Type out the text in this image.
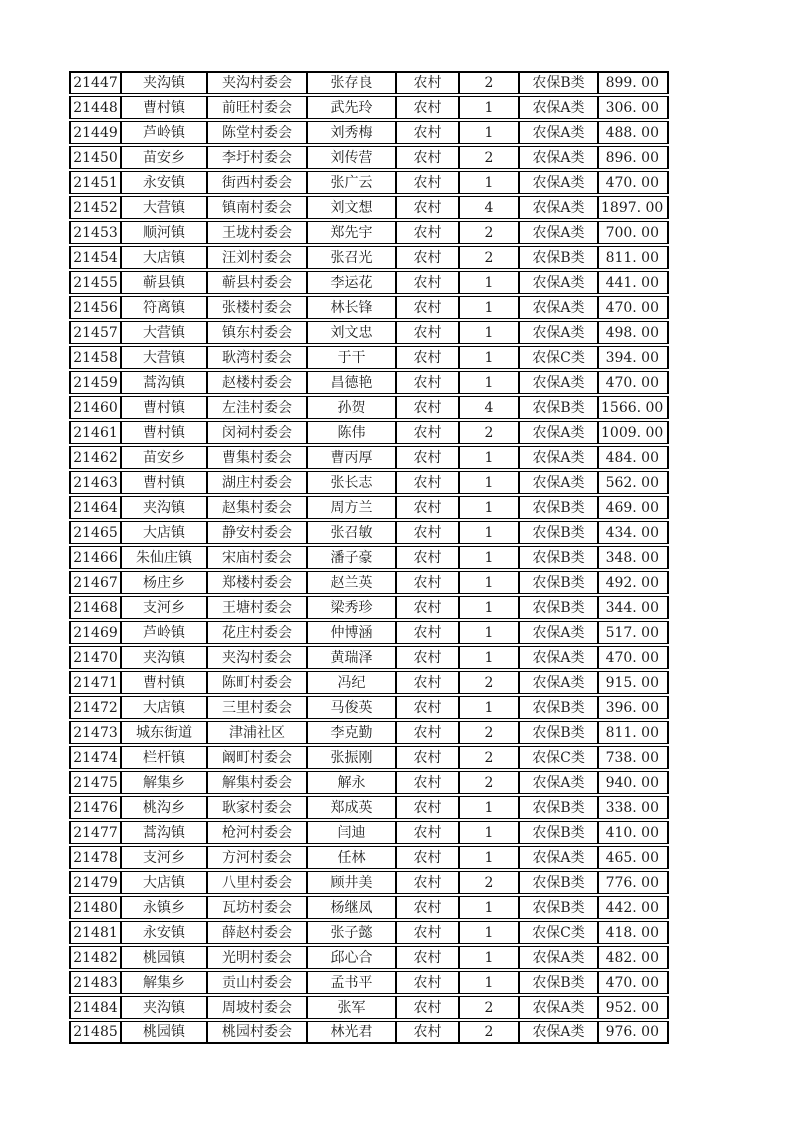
21447	夹沟镇	夹沟村委会	张存良	农村	2	农保B类	899. 00
21448	曹村镇	前旺村委会	武先玲	农村	1	农保A类	306. 00
21449	芦岭镇	陈堂村委会	刘秀梅	农村	1	农保A类	488. 00
21450	苗安乡	李圩村委会	刘传营	农村	2	农保A类	896. 00
21451	永安镇	街西村委会	张广云	农村	1	农保A类	470. 00
21452	大营镇	镇南村委会	刘文想	农村	4	农保A类	1897. 00
21453	顺河镇	王垅村委会	郑先宇	农村	2	农保A类	700. 00
21454	大店镇	汪刘村委会	张召光	农村	2	农保B类	811. 00
21455	蕲县镇	蕲县村委会	李运花	农村	1	农保A类	441. 00
21456	符离镇	张楼村委会	林长锋	农村	1	农保A类	470. 00
21457	大营镇	镇东村委会	刘文忠	农村	1	农保A类	498. 00
21458	大营镇	耿湾村委会	于干	农村	1	农保C类	394. 00
21459	蒿沟镇	赵楼村委会	昌德艳	农村	1	农保A类	470. 00
21460	曹村镇	左洼村委会	孙贺	农村	4	农保B类	1566. 00
21461	曹村镇	闵祠村委会	陈伟	农村	2	农保A类	1009. 00
21462	苗安乡	曹集村委会	曹丙厚	农村	1	农保A类	484. 00
21463	曹村镇	湖庄村委会	张长志	农村	1	农保A类	562. 00
21464	夹沟镇	赵集村委会	周方兰	农村	1	农保B类	469. 00
21465	大店镇	静安村委会	张召敏	农村	1	农保B类	434. 00
21466	朱仙庄镇	宋庙村委会	潘子豪	农村	1	农保B类	348. 00
21467	杨庄乡	郑楼村委会	赵兰英	农村	1	农保B类	492. 00
21468	支河乡	王塘村委会	梁秀珍	农村	1	农保B类	344. 00
21469	芦岭镇	花庄村委会	仲博涵	农村	1	农保A类	517. 00
21470	夹沟镇	夹沟村委会	黄瑞泽	农村	1	农保A类	470. 00
21471	曹村镇	陈町村委会	冯纪	农村	2	农保A类	915. 00
21472	大店镇	三里村委会	马俊英	农村	1	农保B类	396. 00
21473	城东街道	津浦社区	李克勤	农村	2	农保B类	811. 00
21474	栏杆镇	阚町村委会	张振刚	农村	2	农保C类	738. 00
21475	解集乡	解集村委会	解永	农村	2	农保A类	940. 00
21476	桃沟乡	耿家村委会	郑成英	农村	1	农保B类	338. 00
21477	蒿沟镇	枪河村委会	闫迪	农村	1	农保B类	410. 00
21478	支河乡	方河村委会	任林	农村	1	农保A类	465. 00
21479	大店镇	八里村委会	顾井美	农村	2	农保B类	776. 00
21480	永镇乡	瓦坊村委会	杨继凤	农村	1	农保B类	442. 00
21481	永安镇	薛赵村委会	张子懿	农村	1	农保C类	418. 00
21482	桃园镇	光明村委会	邱心合	农村	1	农保A类	482. 00
21483	解集乡	贡山村委会	孟书平	农村	1	农保B类	470. 00
21484	夹沟镇	周坡村委会	张军	农村	2	农保A类	952. 00
21485	桃园镇	桃园村委会	林光君	农村	2	农保A类	976. 00
